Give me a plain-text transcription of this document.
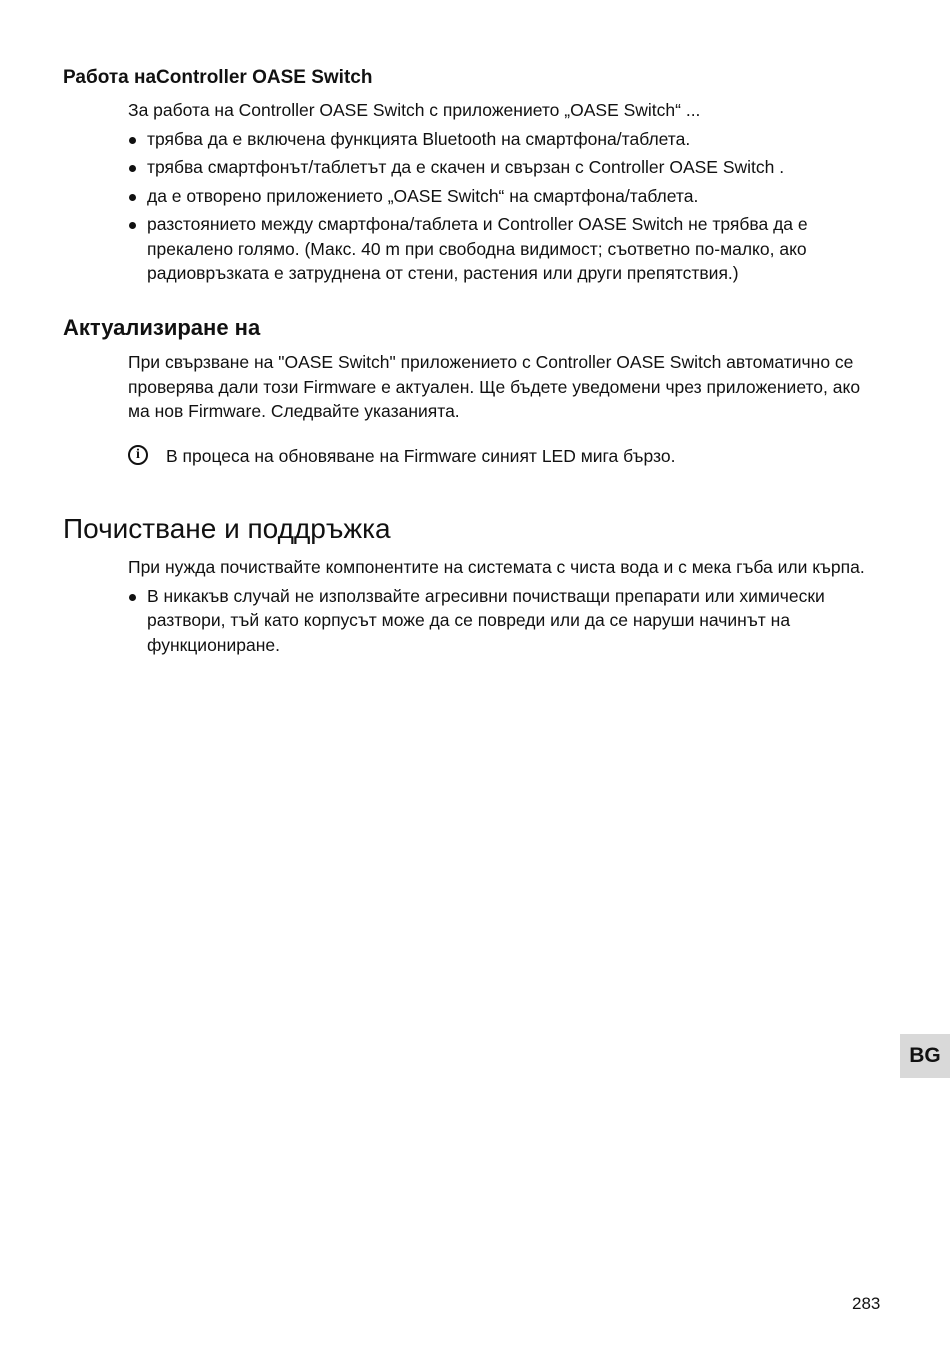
Работа наController OASE Switch

За работа на Controller OASE Switch с приложението „OASE Switch“ ...

трябва да е включена функцията Bluetooth на смартфона/таблета.
трябва смартфонът/таблетът да е скачен и свързан с Controller OASE Switch .
да е отворено приложението „OASE Switch“ на смартфона/таблета.
разстоянието между смартфона/таблета и Controller OASE Switch не трябва да е прекалено голямо. (Макс. 40 m при свободна видимост; съответно по-малко, ако радиовръзката е затруднена от стени, растения или други препятствия.)
Актуализиране на

При свързване на "OASE Switch" приложението с Controller OASE Switch автоматично се проверява дали този Firmware е актуален. Ще бъдете уведомени чрез приложението, ако ма нов Firmware. Следвайте указанията.

i	В процеса на обновяване на Firmware синият LED мига бързо.
Почистване и поддръжка

При нужда почиствайте компонентите на системата с чиста вода и с мека гъба или кърпа.

В никакъв случай не използвайте агресивни почистващи препарати или химически разтвори, тъй като корпусът може да се повреди или да се наруши начинът на функциониране.
BG
283
